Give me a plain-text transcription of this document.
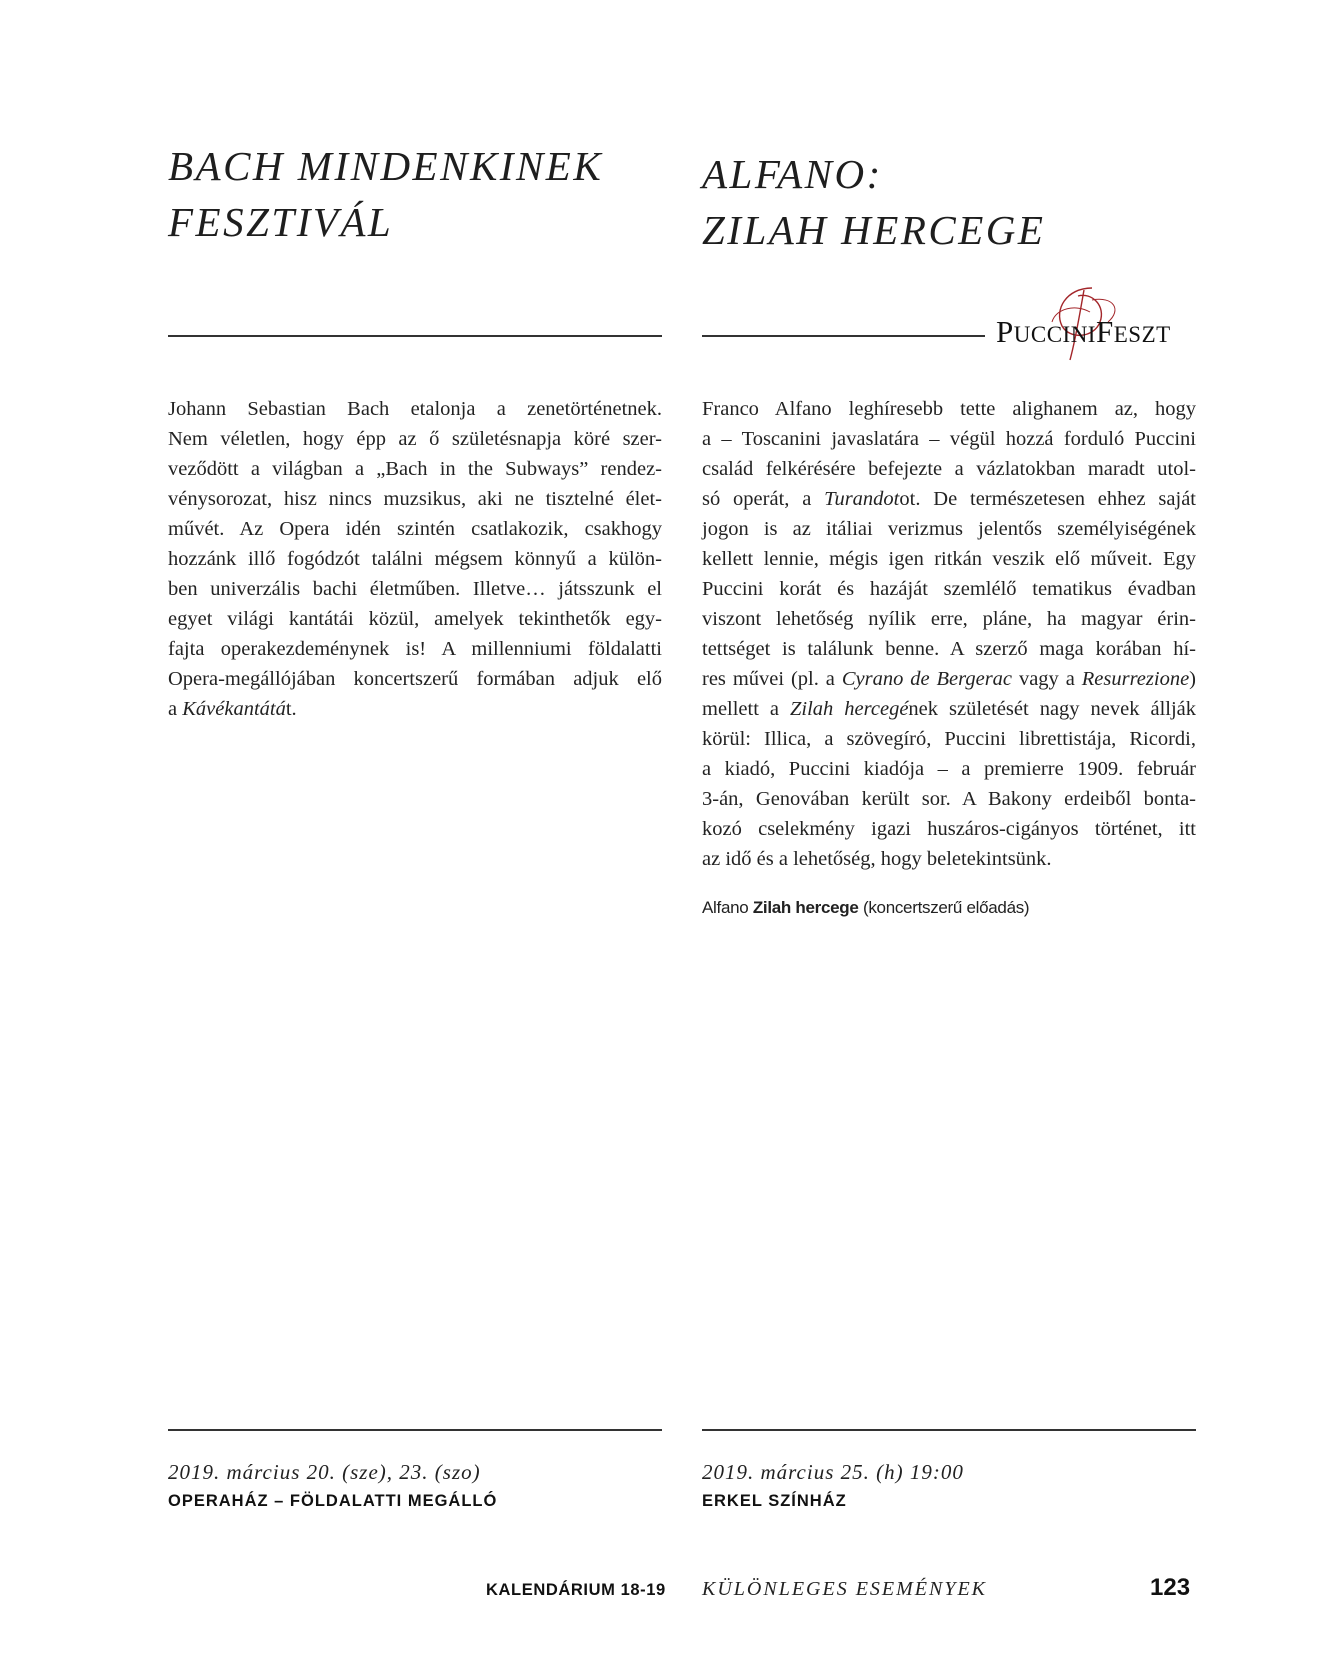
BACH MINDENKINEK
FESZTIVÁL
Johann Sebastian Bach etalonja a zenetörténetnek.
Nem véletlen, hogy épp az ő születésnapja köré szer-
veződött a világban a „Bach in the Subways” rendez-
vénysorozat, hisz nincs muzsikus, aki ne tisztelné élet-
művét. Az Opera idén szintén csatlakozik, csakhogy
hozzánk illő fogódzót találni mégsem könnyű a külön-
ben univerzális bachi életműben. Illetve… játsszunk el
egyet világi kantátái közül, amelyek tekinthetők egy-
fajta operakezdeménynek is! A millenniumi földalatti
Opera-megállójában koncertszerű formában adjuk elő
a Kávékantátát.
2019. március 20. (sze), 23. (szo)
OPERAHÁZ – FÖLDALATTI MEGÁLLÓ
ALFANO:
ZILAH HERCEGE
PUCCINIFESZT
Franco Alfano leghíresebb tette alighanem az, hogy
a – Toscanini javaslatára – végül hozzá forduló Puccini
család felkérésére befejezte a vázlatokban maradt utol-
só operát, a Turandotot. De természetesen ehhez saját
jogon is az itáliai verizmus jelentős személyiségének
kellett lennie, mégis igen ritkán veszik elő műveit. Egy
Puccini korát és hazáját szemlélő tematikus évadban
viszont lehetőség nyílik erre, pláne, ha magyar érin-
tettséget is találunk benne. A szerző maga korában hí-
res művei (pl. a Cyrano de Bergerac vagy a Resurrezione)
mellett a Zilah hercegének születését nagy nevek állják
körül: Illica, a szövegíró, Puccini librettistája, Ricordi,
a kiadó, Puccini kiadója – a premierre 1909. február
3-án, Genovában került sor. A Bakony erdeiből bonta-
kozó cselekmény igazi huszáros-cigányos történet, itt
az idő és a lehetőség, hogy beletekintsünk.
Alfano Zilah hercege (koncertszerű előadás)
2019. március 25. (h) 19:00
ERKEL SZÍNHÁZ
KALENDÁRIUM 18-19 KÜLÖNLEGES ESEMÉNYEK	123
